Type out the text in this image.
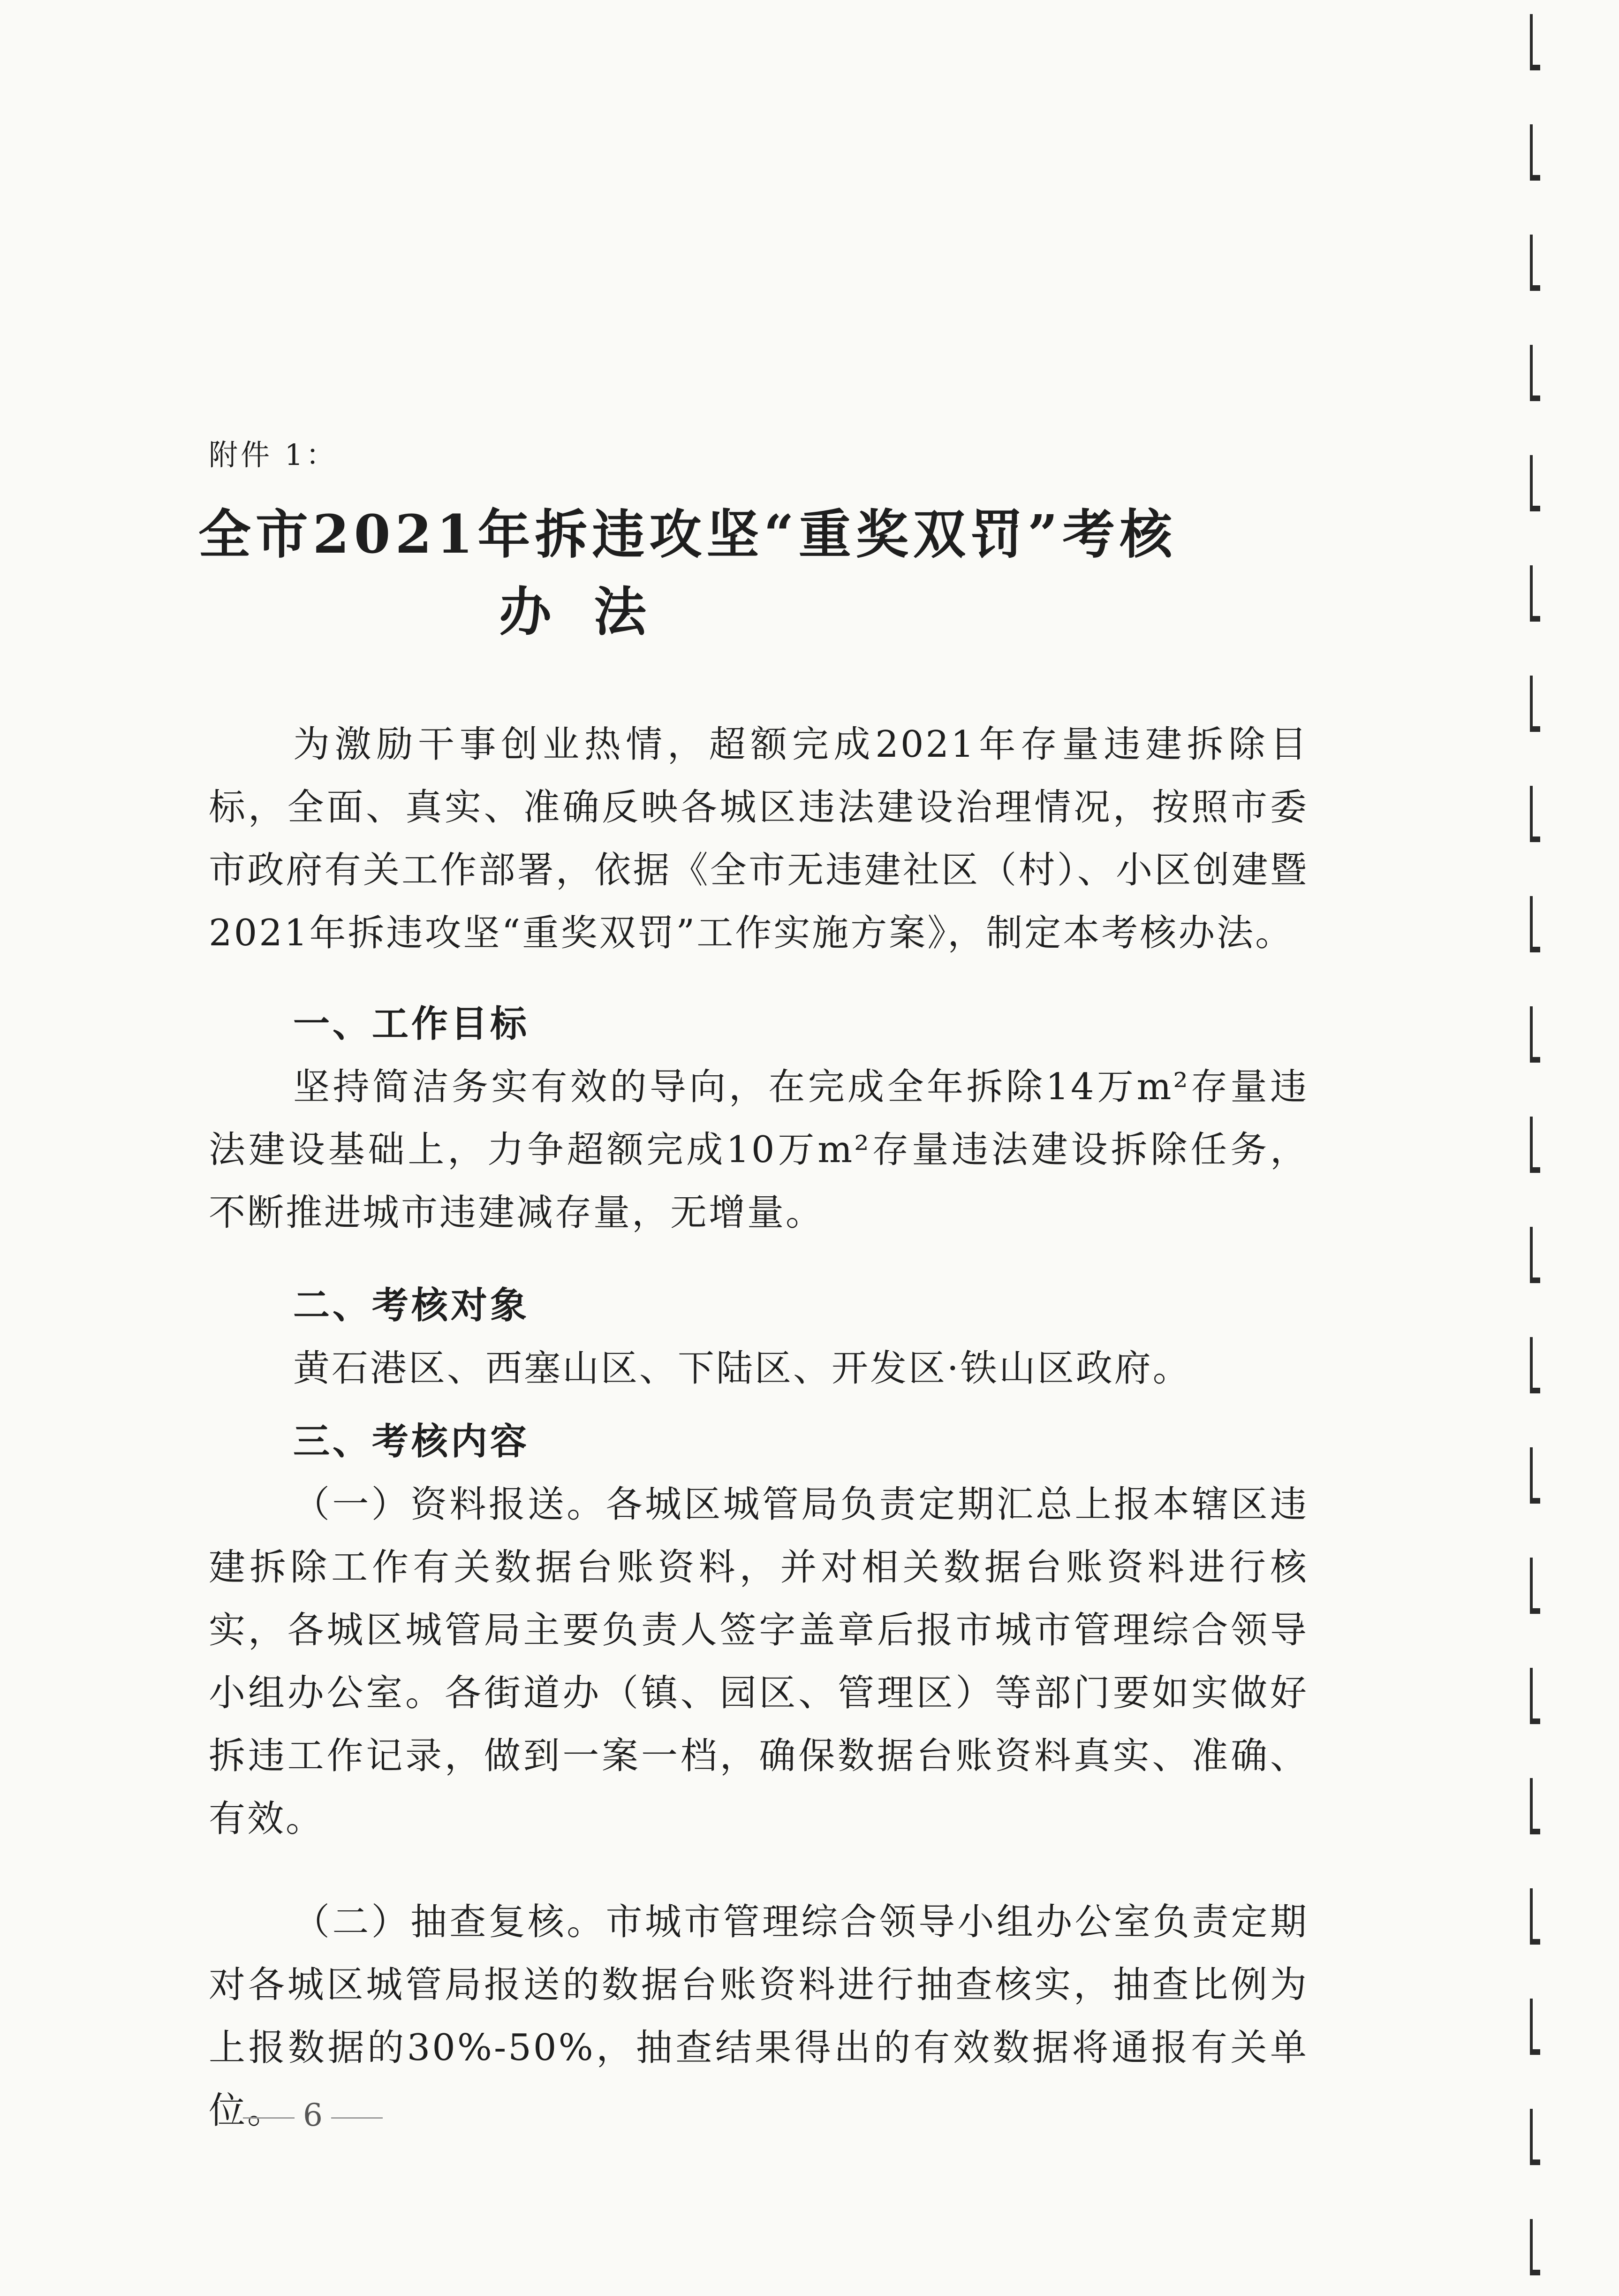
附件 1：
全市2021年拆违攻坚“重奖双罚”考核
办法
为激励干事创业热情，超额完成2021年存量违建拆除目标，全面、真实、准确反映各城区违法建设治理情况，按照市委市政府有关工作部署，依据《全市无违建社区（村）、小区创建暨2021年拆违攻坚“重奖双罚”工作实施方案》，制定本考核办法。
一、工作目标
坚持简洁务实有效的导向，在完成全年拆除14万m²存量违法建设基础上，力争超额完成10万m²存量违法建设拆除任务，不断推进城市违建减存量，无增量。
二、考核对象
黄石港区、西塞山区、下陆区、开发区·铁山区政府。
三、考核内容
（一）资料报送。各城区城管局负责定期汇总上报本辖区违建拆除工作有关数据台账资料，并对相关数据台账资料进行核实，各城区城管局主要负责人签字盖章后报市城市管理综合领导小组办公室。各街道办（镇、园区、管理区）等部门要如实做好拆违工作记录，做到一案一档，确保数据台账资料真实、准确、有效。
（二）抽查复核。市城市管理综合领导小组办公室负责定期对各城区城管局报送的数据台账资料进行抽查核实，抽查比例为上报数据的30%-50%，抽查结果得出的有效数据将通报有关单位。 6
